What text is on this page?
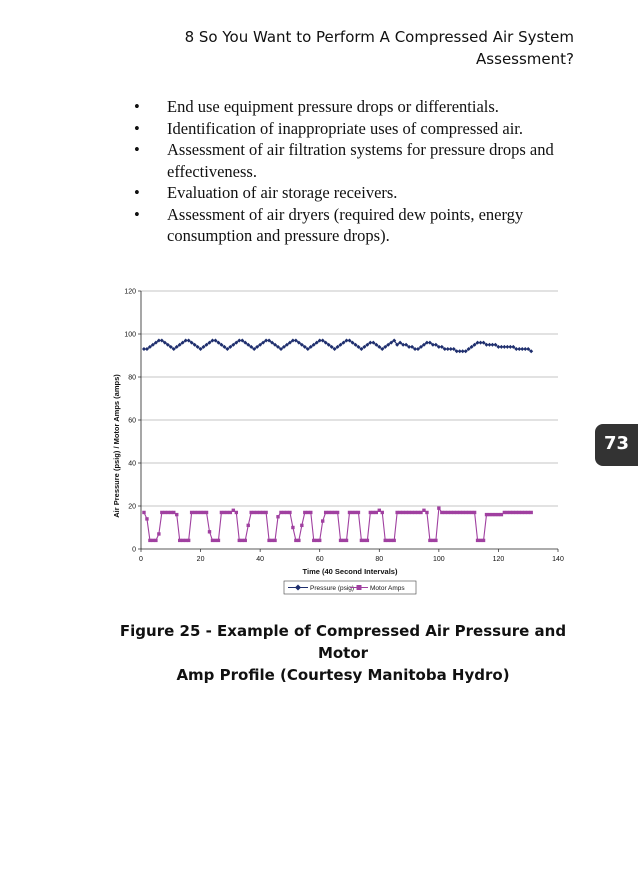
8 So You Want to Perform A Compressed Air System
Assessment?
• End use equipment pressure drops or differentials.
• Identification of inappropriate uses of compressed air.
• Assessment of air filtration systems for pressure drops and effectiveness.
• Evaluation of air storage receivers.
• Assessment of air dryers (required dew points, energy consumption and pressure drops).
0
20
40
60
80
100
120
0	20	40	60	80	100	120	140
Air Pressure (psig) / Motor Amps (amps)
Time (40 Second Intervals)
Pressure (psig) Motor Amps
Figure 25 - Example of Compressed Air Pressure and Motor
Amp Profile (Courtesy Manitoba Hydro)
73
